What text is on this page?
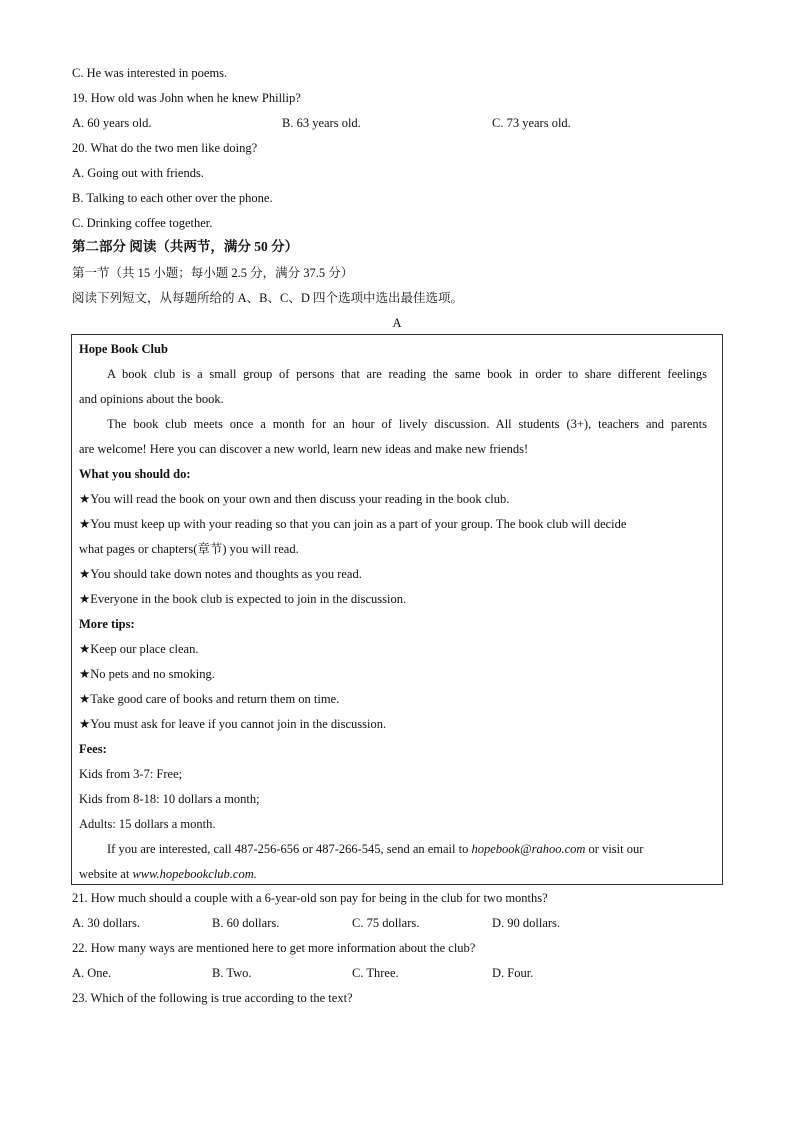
C. He was interested in poems.
19. How old was John when he knew Phillip?
A. 60 years old.	B. 63 years old.	C. 73 years old.
20. What do the two men like doing?
A. Going out with friends.
B. Talking to each other over the phone.
C. Drinking coffee together.
第二部分 阅读（共两节，满分 50 分）
第一节（共 15 小题；每小题 2.5 分，满分 37.5 分）
阅读下列短文，从每题所给的 A、B、C、D 四个选项中选出最佳选项。
A
Hope Book Club
A book club is a small group of persons that are reading the same book in order to share different feelings
and opinions about the book.
The book club meets once a month for an hour of lively discussion. All students (3+), teachers and parents
are welcome! Here you can discover a new world, learn new ideas and make new friends!
What you should do:
★You will read the book on your own and then discuss your reading in the book club.
★You must keep up with your reading so that you can join as a part of your group. The book club will decide
what pages or chapters(章节) you will read.
★You should take down notes and thoughts as you read.
★Everyone in the book club is expected to join in the discussion.
More tips:
★Keep our place clean.
★No pets and no smoking.
★Take good care of books and return them on time.
★You must ask for leave if you cannot join in the discussion.
Fees:
Kids from 3-7: Free;
Kids from 8-18: 10 dollars a month;
Adults: 15 dollars a month.
If you are interested, call 487-256-656 or 487-266-545, send an email to hopebook@rahoo.com or visit our
website at www.hopebookclub.com.
21. How much should a couple with a 6-year-old son pay for being in the club for two months?
A. 30 dollars.	B. 60 dollars.	C. 75 dollars.	D. 90 dollars.
22. How many ways are mentioned here to get more information about the club?
A. One.	B. Two.	C. Three.	D. Four.
23. Which of the following is true according to the text?
